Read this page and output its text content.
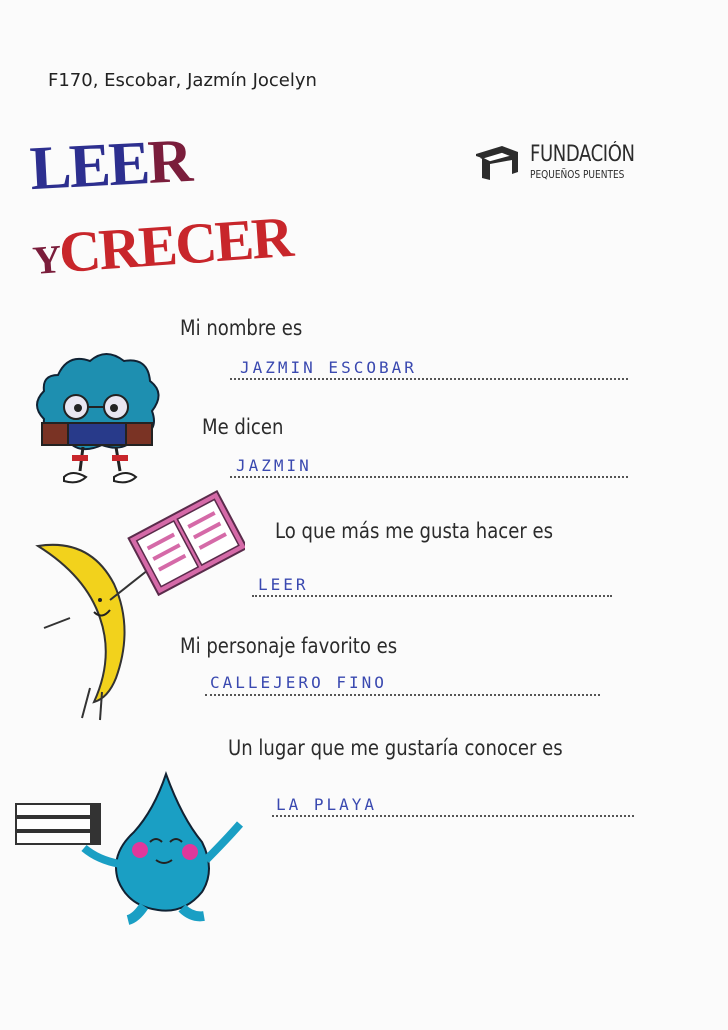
F170, Escobar, Jazmín Jocelyn
LEER
YCRECER
FUNDACIÓN
PEQUEÑOS PUENTES
Mi nombre es
JAZMIN ESCOBAR
Me dicen
JAZMIN
Lo que más me gusta hacer es
LEER
Mi personaje favorito es
CALLEJERO FINO
Un lugar que me gustaría conocer es
LA PLAYA
